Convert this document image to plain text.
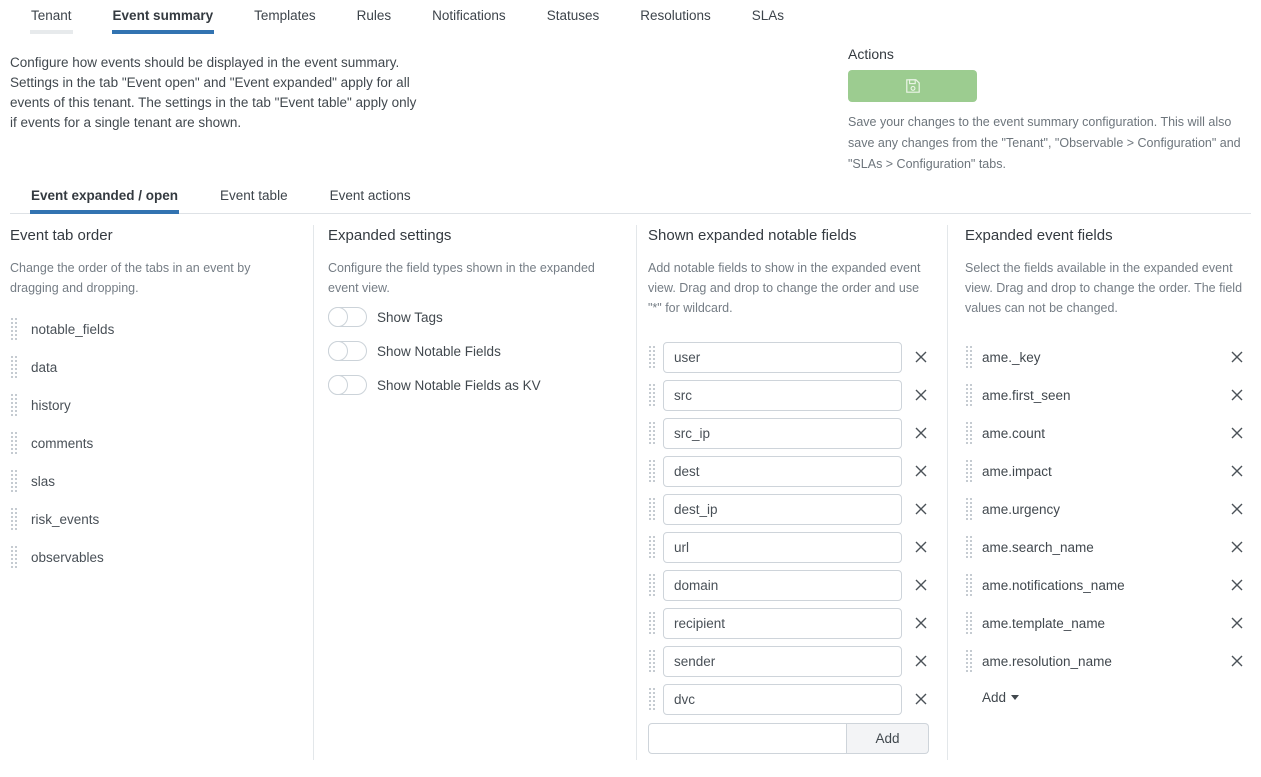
Tenant	Event summary	Templates	Rules	Notifications	Statuses	Resolutions	SLAs

Configure how events should be displayed in the event summary. Settings in the tab "Event open" and "Event expanded" apply for all events of this tenant. The settings in the tab "Event table" apply only if events for a single tenant are shown.

Actions

Save your changes to the event summary configuration. This will also save any changes from the "Tenant", "Observable > Configuration" and "SLAs > Configuration" tabs.

Event expanded / open	Event table	Event actions
Event tab order

Change the order of the tabs in an event by dragging and dropping.

notable_fields
data
history
comments
slas
risk_events
observables
Expanded settings

Configure the field types shown in the expanded event view.

Show Tags
Show Notable Fields
Show Notable Fields as KV
Shown expanded notable fields

Add notable fields to show in the expanded event view. Drag and drop to change the order and use "*" for wildcard.

user
src
src_ip
dest
dest_ip
url
domain
recipient
sender
dvc
Add
Expanded event fields

Select the fields available in the expanded event view. Drag and drop to change the order. The field values can not be changed.

ame._key
ame.first_seen
ame.count
ame.impact
ame.urgency
ame.search_name
ame.notifications_name
ame.template_name
ame.resolution_name
Add
